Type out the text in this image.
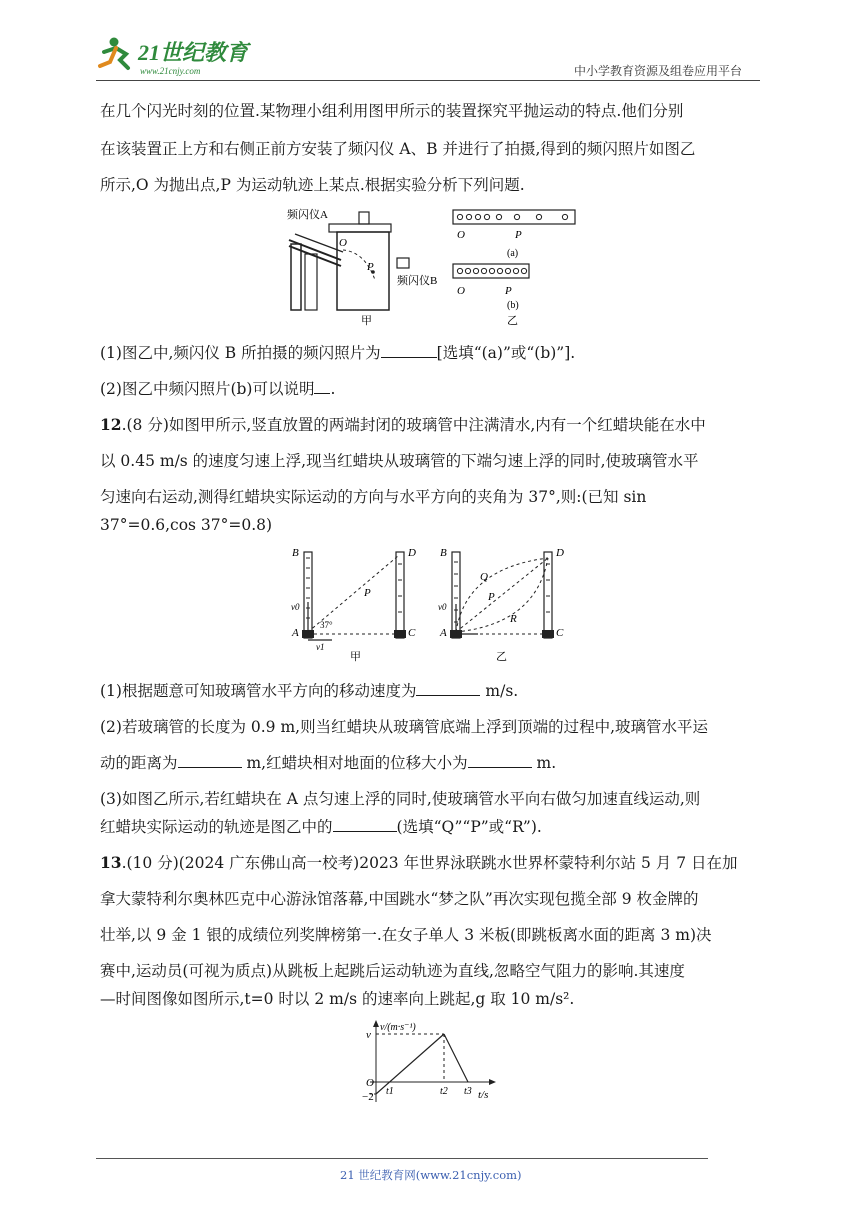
21世纪教育
www.21cnjy.com	中小学教育资源及组卷应用平台
在几个闪光时刻的位置.某物理小组利用图甲所示的装置探究平抛运动的特点.他们分别
在该装置正上方和右侧正前方安装了频闪仪 A、B 并进行了拍摄,得到的频闪照片如图乙
所示,O 为抛出点,P 为运动轨迹上某点.根据实验分析下列问题.
频闪仪A
频闪仪B
O
P
甲
O	P
(a)
O	P
(b)
乙
(1)图乙中,频闪仪 B 所拍摄的频闪照片为	[选填“(a)”或“(b)”].
(2)图乙中频闪照片(b)可以说明 .
12.(8 分)如图甲所示,竖直放置的两端封闭的玻璃管中注满清水,内有一个红蜡块能在水中
以 0.45 m/s 的速度匀速上浮,现当红蜡块从玻璃管的下端匀速上浮的同时,使玻璃管水平
匀速向右运动,测得红蜡块实际运动的方向与水平方向的夹角为 37°,则:(已知 sin
37°=0.6,cos 37°=0.8)
B	D
A	C
P
v0
v1
37°
甲
B	D
A	C
Q
P
R
v0
乙
(1)根据题意可知玻璃管水平方向的移动速度为	m/s.
(2)若玻璃管的长度为 0.9 m,则当红蜡块从玻璃管底端上浮到顶端的过程中,玻璃管水平运
动的距离为	m,红蜡块相对地面的位移大小为	m.
(3)如图乙所示,若红蜡块在 A 点匀速上浮的同时,使玻璃管水平向右做匀加速直线运动,则
红蜡块实际运动的轨迹是图乙中的	(选填“Q”“P”或“R”).
13.(10 分)(2024 广东佛山高一校考)2023 年世界泳联跳水世界杯蒙特利尔站 5 月 7 日在加
拿大蒙特利尔奥林匹克中心游泳馆落幕,中国跳水“梦之队”再次实现包揽全部 9 枚金牌的
壮举,以 9 金 1 银的成绩位列奖牌榜第一.在女子单人 3 米板(即跳板离水面的距离 3 m)决
赛中,运动员(可视为质点)从跳板上起跳后运动轨迹为直线,忽略空气阻力的影响.其速度
—时间图像如图所示,t=0 时以 2 m/s 的速率向上跳起,g 取 10 m/s².
v/(m·s⁻¹)
t/s
v
O
−2 t1	t2 t3
21 世纪教育网(www.21cnjy.com)
